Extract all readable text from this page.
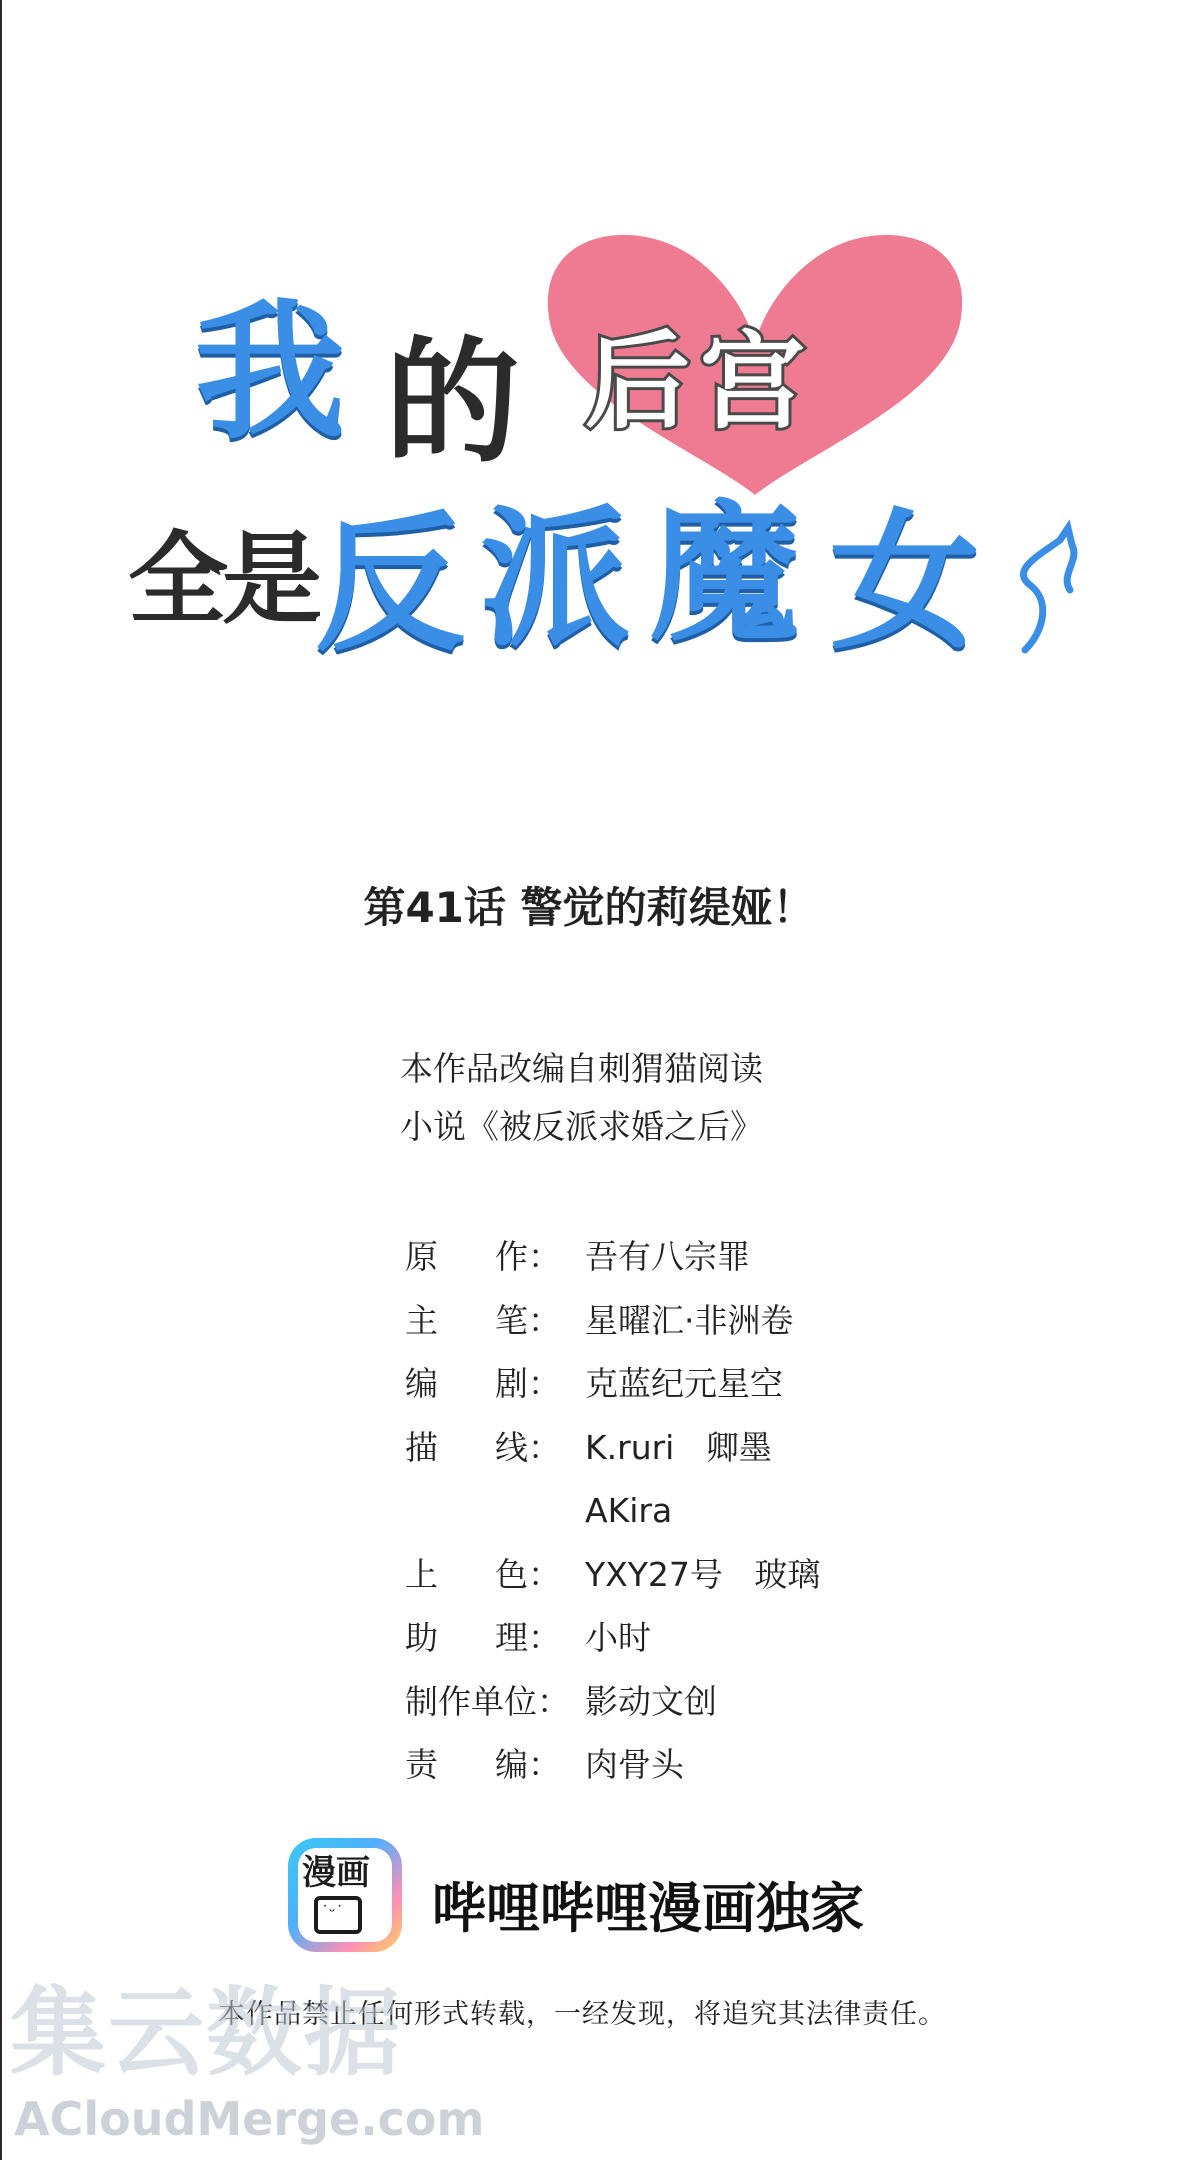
我 的 后 宫
全
是
反 派 魔 女
第41话 警觉的莉缇娅！
本作品改编自刺猬猫阅读
小说《被反派求婚之后》
原 作： 吾有八宗罪
主 笔： 星曜汇·非洲卷
编 剧： 克蓝纪元星空
描 线： K.ruri   卿墨
AKira
上 色： YXY27号   玻璃
助 理： 小时
制作单位： 影动文创
责 编： 肉骨头
漫画
˙ᵕ˙ 哔哩哔哩漫画独家
本作品禁止任何形式转载，一经发现，将追究其法律责任。
集云数据
ACloudMerge.com
